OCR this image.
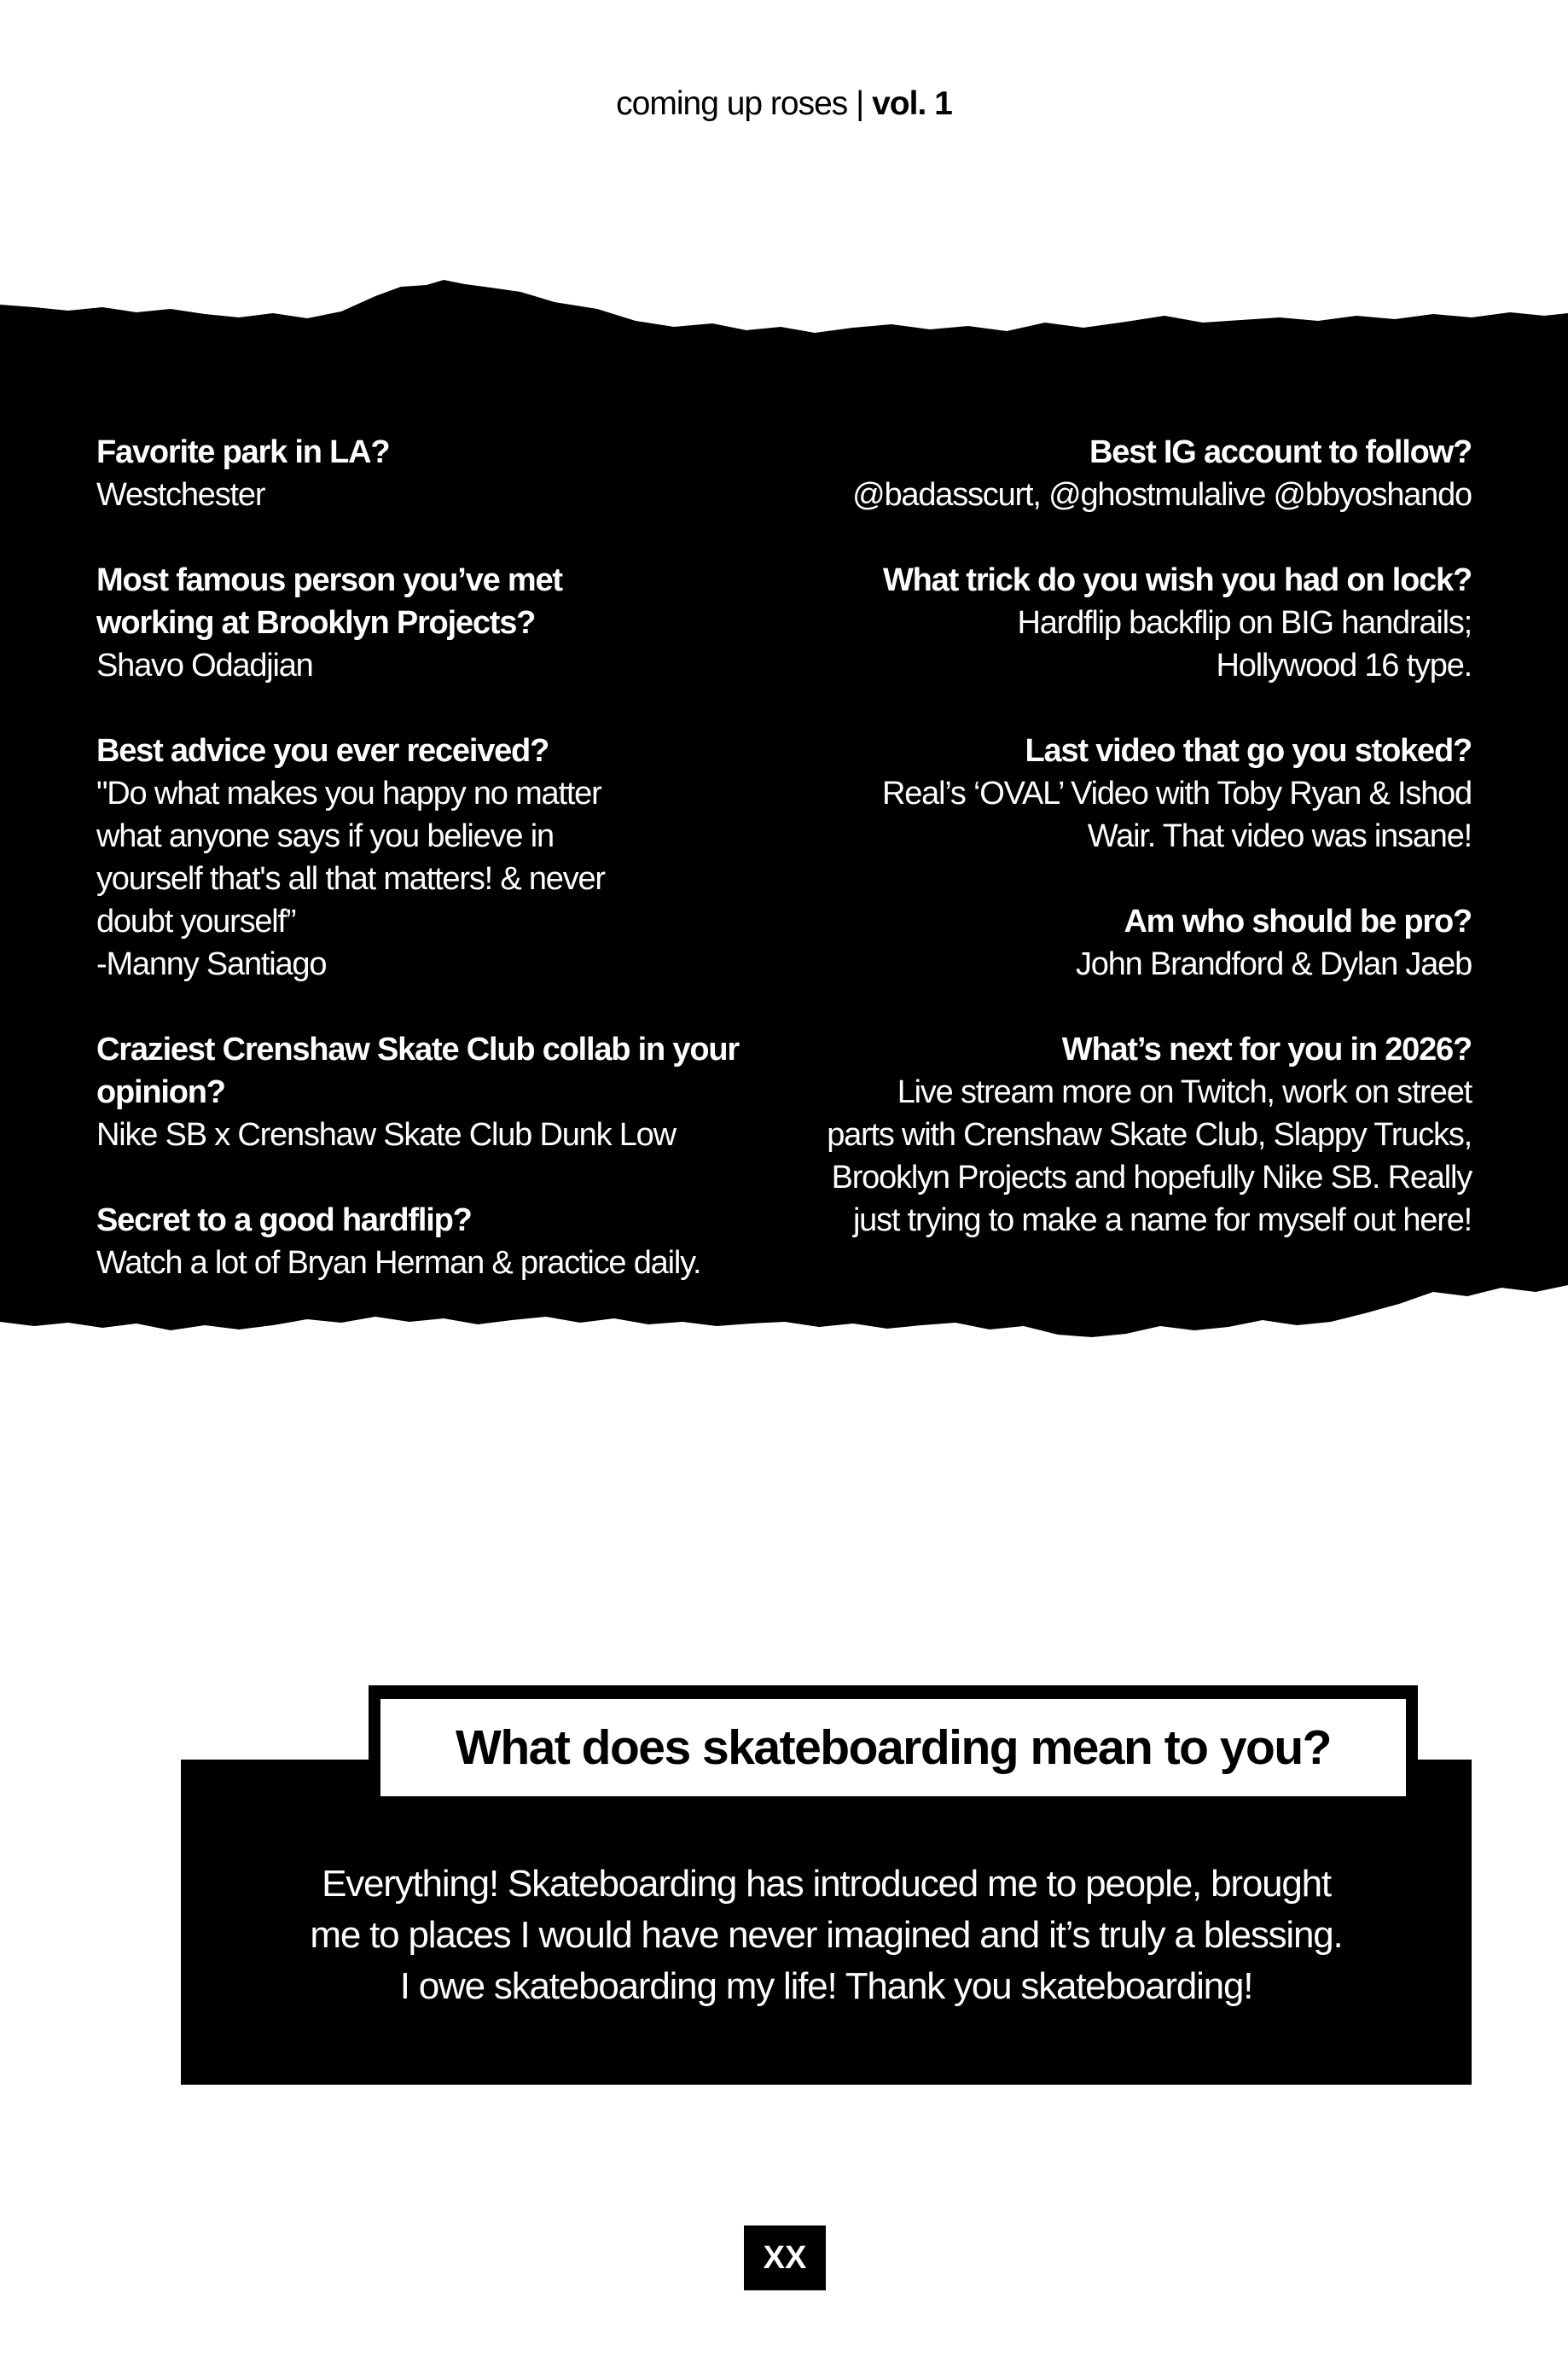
coming up roses | vol. 1
Favorite park in LA?
Westchester
Most famous person you’ve met working at Brooklyn Projects?
Shavo Odadjian
Best advice you ever received?
"Do what makes you happy no matter what anyone says if you believe in yourself that's all that matters! & never doubt yourself”
-Manny Santiago
Craziest Crenshaw Skate Club collab in your opinion?
Nike SB x Crenshaw Skate Club Dunk Low
Secret to a good hardflip?
Watch a lot of Bryan Herman & practice daily.
Best IG account to follow?
@badasscurt, @ghostmulalive @bbyoshando
What trick do you wish you had on lock?
Hardflip backflip on BIG handrails;
Hollywood 16 type.
Last video that go you stoked?
Real’s ‘OVAL’ Video with Toby Ryan & Ishod Wair. That video was insane!
Am who should be pro?
John Brandford & Dylan Jaeb
What’s next for you in 2026?
Live stream more on Twitch, work on street parts with Crenshaw Skate Club, Slappy Trucks, Brooklyn Projects and hopefully Nike SB. Really just trying to make a name for myself out here!
What does skateboarding mean to you?
Everything! Skateboarding has introduced me to people, brought
me to places I would have never imagined and it’s truly a blessing.
I owe skateboarding my life! Thank you skateboarding!
XX
